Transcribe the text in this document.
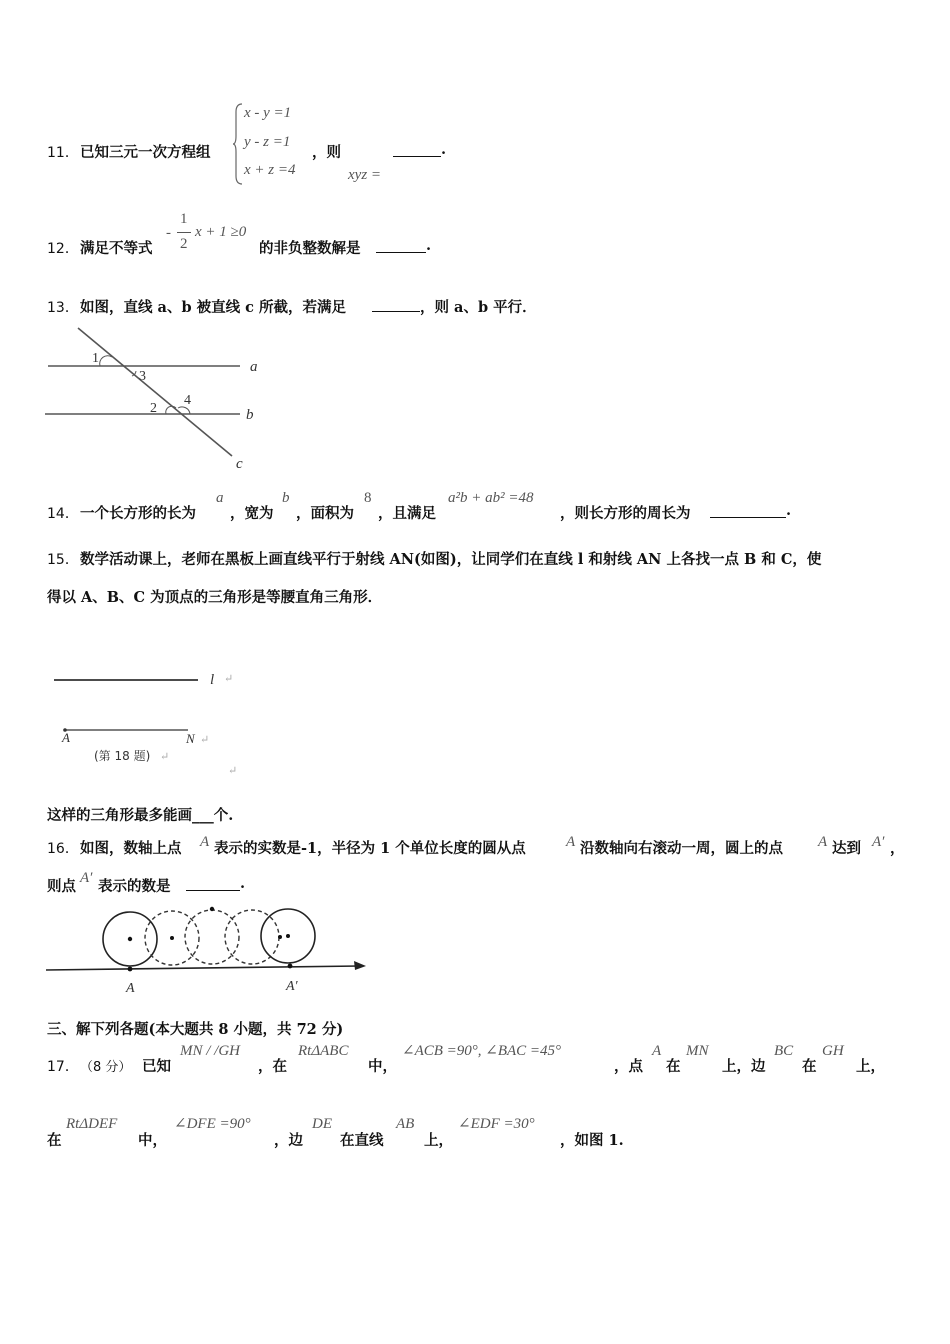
11． 已知三元一次方程组
x - y =1
y - z =1
x + z =4
，则
xyz =
.
12． 满足不等式
-
1
2
x + 1 ≥0
的非负整数解是	.
13． 如图，直线 a、b 被直线 c 所截，若满足	，则 a、b 平行．
1
3
2
4
a
b
c
14． 一个长方形的长为
a
，宽为
b
，面积为
8
，且满足
a²b + ab² =48
，则长方形的周长为	.
15． 数学活动课上，老师在黑板上画直线平行于射线 AN(如图)，让同学们在直线 l 和射线 AN 上各找一点 B 和 C，使
得以 A、B、C 为顶点的三角形是等腰直角三角形．
l ↵
A	N ↵
(第 18 题) ↵
↵
这样的三角形最多能画___个.
16． 如图，数轴上点 A 表示的实数是-1，半径为 1 个单位长度的圆从点	A 沿数轴向右滚动一周，圆上的点 A 达到 A′ ，
则点 A′ 表示的数是	.
A	A′
三、解下列各题(本大题共 8 小题，共 72 分)
17． （8 分） 已知
MN / /GH
，在
RtΔABC
中，
∠ACB =90°, ∠BAC =45°
，点
A
在
MN
上，边
BC
在
GH
上，
在
RtΔDEF
中，
∠DFE =90°
，边
DE
在直线
AB
上，
∠EDF =30°
，如图 1.
